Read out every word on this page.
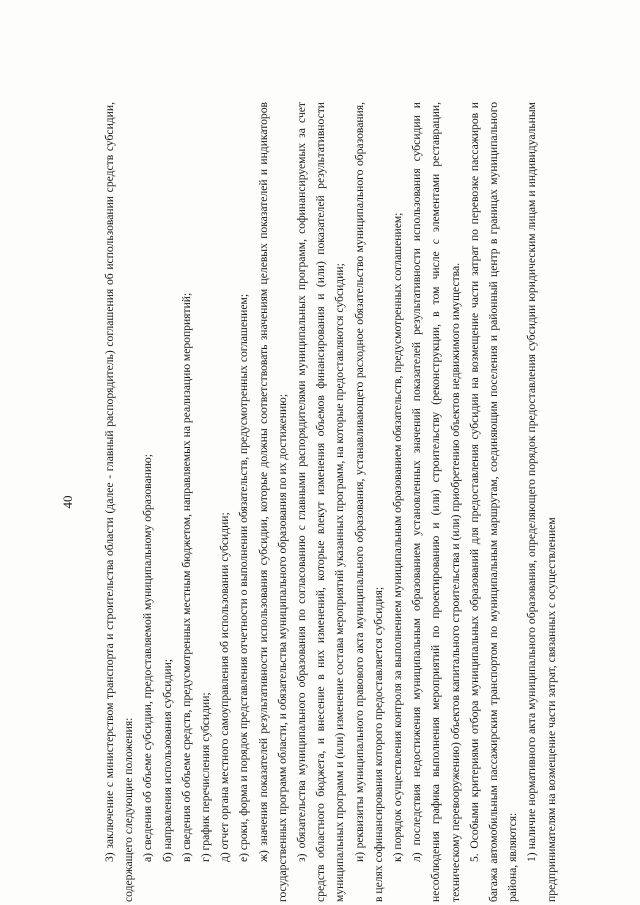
40 3) заключение с министерством транспорта и строительства области (далее - главный распорядитель) соглашения об использовании средств субсидии, содержащего следующие положения: а) сведения об объеме субсидии, предоставляемой муниципальному образованию; б) направления использования субсидии; в) сведения об объеме средств, предусмотренных местным бюджетом, направляемых на реализацию мероприятий; г) график перечисления субсидии; д) отчет органа местного самоуправления об использовании субсидии; е) сроки, форма и порядок представления отчетности о выполнении обязательств, предусмотренных соглашением; ж) значения показателей результативности использования субсидии, которые должны соответствовать значениям целевых показателей и индикаторов государственных программ области, и обязательства муниципального образования по их достижению; з) обязательства муниципального образования по согласованию с главными распорядителями муниципальных программ, софинансируемых за счет средств областного бюджета, и внесение в них изменений, которые влекут изменения объемов финансирования и (или) показателей результативности муниципальных программ и (или) изменение состава мероприятий указанных программ, на которые предоставляются субсидии; и) реквизиты муниципального правового акта муниципального образования, устанавливающего расходное обязательство муниципального образования, в целях софинансирования которого предоставляется субсидия; к) порядок осуществления контроля за выполнением муниципальным образованием обязательств, предусмотренных соглашением; л) последствия недостижения муниципальным образованием установленных значений показателей результативности использования субсидии и несоблюдения графика выполнения мероприятий по проектированию и (или) строительству (реконструкции, в том числе с элементами реставрации, техническому перевооружению) объектов капитального строительства и (или) приобретению объектов недвижимого имущества. 5. Особыми критериями отбора муниципальных образований для предоставления субсидии на возмещение части затрат по перевозке пассажиров и багажа автомобильным пассажирским транспортом по муниципальным маршрутам, соединяющим поселения и районный центр в границах муниципального района, являются: 1) наличие нормативного акта муниципального образования, определяющего порядок предоставления субсидии юридическим лицам и индивидуальным предпринимателям на возмещение части затрат, связанных с осуществлением
